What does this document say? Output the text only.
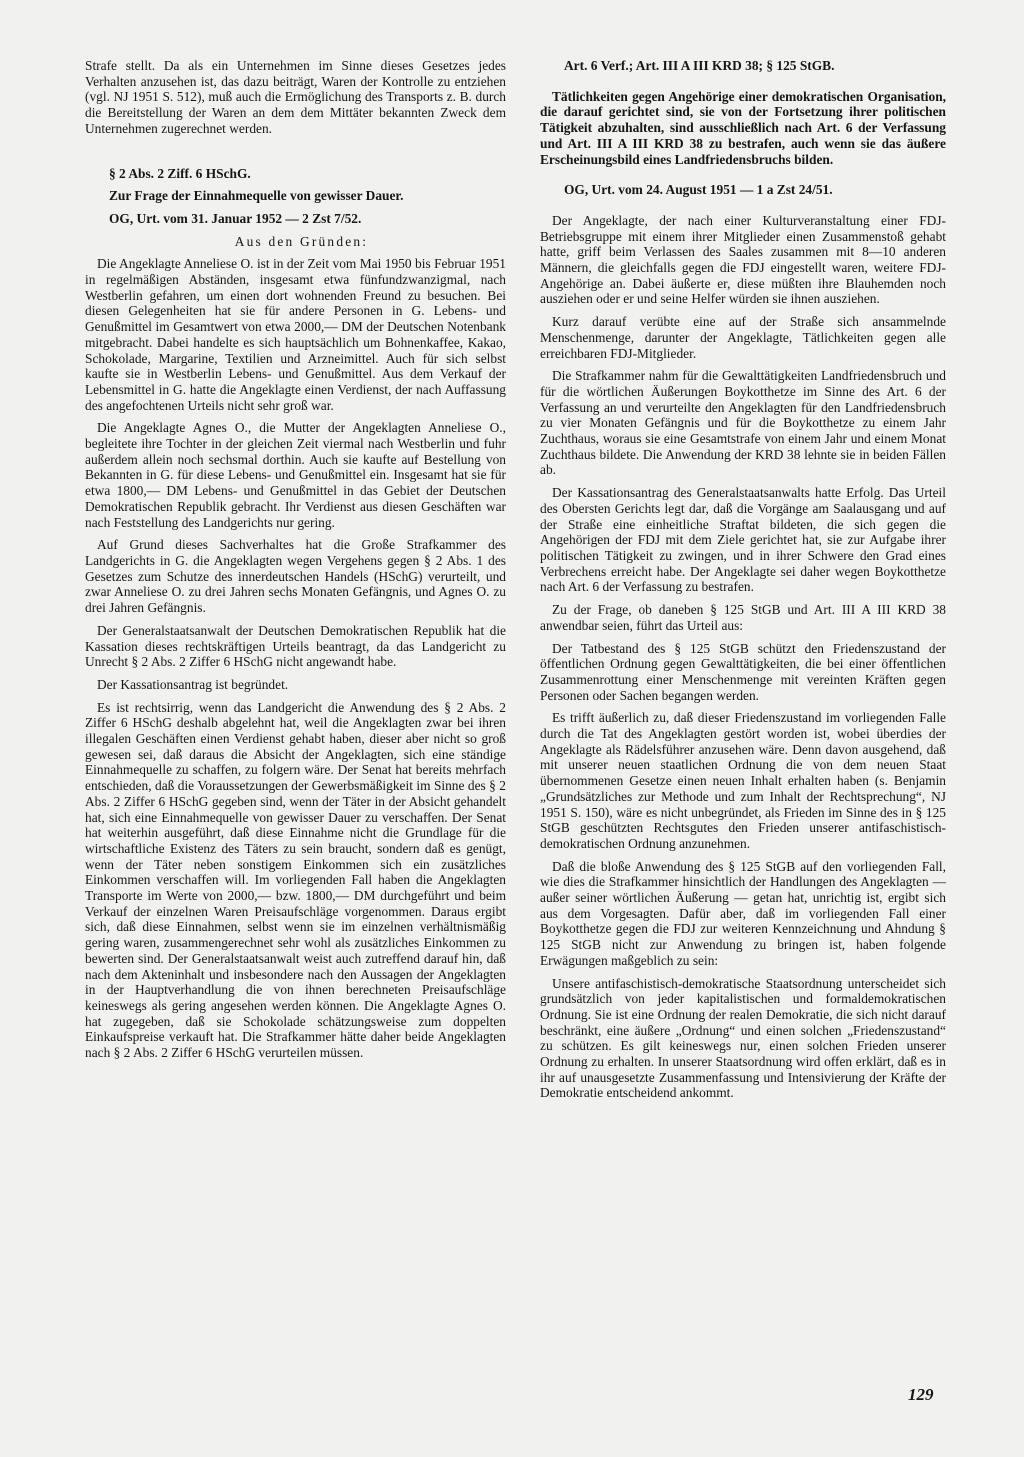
Strafe stellt. Da als ein Unternehmen im Sinne dieses Gesetzes jedes Verhalten anzusehen ist, das dazu beiträgt, Waren der Kontrolle zu entziehen (vgl. NJ 1951 S. 512), muß auch die Ermöglichung des Transports z. B. durch die Bereitstellung der Waren an dem dem Mittäter bekannten Zweck dem Unternehmen zugerechnet werden.

§ 2 Abs. 2 Ziff. 6 HSchG.

Zur Frage der Einnahmequelle von gewisser Dauer.

OG, Urt. vom 31. Januar 1952 — 2 Zst 7/52.

Aus den Gründen:

Die Angeklagte Anneliese O. ist in der Zeit vom Mai 1950 bis Februar 1951 in regelmäßigen Abständen, insgesamt etwa fünfundzwanzigmal, nach Westberlin gefahren, um einen dort wohnenden Freund zu besuchen. Bei diesen Gelegenheiten hat sie für andere Personen in G. Lebens- und Genußmittel im Gesamtwert von etwa 2000,— DM der Deutschen Notenbank mitgebracht. Dabei handelte es sich hauptsächlich um Bohnenkaffee, Kakao, Schokolade, Margarine, Textilien und Arzneimittel. Auch für sich selbst kaufte sie in Westberlin Lebens- und Genußmittel. Aus dem Verkauf der Lebensmittel in G. hatte die Angeklagte einen Verdienst, der nach Auffassung des angefochtenen Urteils nicht sehr groß war.

Die Angeklagte Agnes O., die Mutter der Angeklagten Anneliese O., begleitete ihre Tochter in der gleichen Zeit viermal nach Westberlin und fuhr außerdem allein noch sechsmal dorthin. Auch sie kaufte auf Bestellung von Bekannten in G. für diese Lebens- und Genußmittel ein. Insgesamt hat sie für etwa 1800,— DM Lebens- und Genußmittel in das Gebiet der Deutschen Demokratischen Republik gebracht. Ihr Verdienst aus diesen Geschäften war nach Feststellung des Landgerichts nur gering.

Auf Grund dieses Sachverhaltes hat die Große Strafkammer des Landgerichts in G. die Angeklagten wegen Vergehens gegen § 2 Abs. 1 des Gesetzes zum Schutze des innerdeutschen Handels (HSchG) verurteilt, und zwar Anneliese O. zu drei Jahren sechs Monaten Gefängnis, und Agnes O. zu drei Jahren Gefängnis.

Der Generalstaatsanwalt der Deutschen Demokratischen Republik hat die Kassation dieses rechtskräftigen Urteils beantragt, da das Landgericht zu Unrecht § 2 Abs. 2 Ziffer 6 HSchG nicht angewandt habe.

Der Kassationsantrag ist begründet.

Es ist rechtsirrig, wenn das Landgericht die Anwendung des § 2 Abs. 2 Ziffer 6 HSchG deshalb abgelehnt hat, weil die Angeklagten zwar bei ihren illegalen Geschäften einen Verdienst gehabt haben, dieser aber nicht so groß gewesen sei, daß daraus die Absicht der Angeklagten, sich eine ständige Einnahmequelle zu schaffen, zu folgern wäre. Der Senat hat bereits mehrfach entschieden, daß die Voraussetzungen der Gewerbsmäßigkeit im Sinne des § 2 Abs. 2 Ziffer 6 HSchG gegeben sind, wenn der Täter in der Absicht gehandelt hat, sich eine Einnahmequelle von gewisser Dauer zu verschaffen. Der Senat hat weiterhin ausgeführt, daß diese Einnahme nicht die Grundlage für die wirtschaftliche Existenz des Täters zu sein braucht, sondern daß es genügt, wenn der Täter neben sonstigem Einkommen sich ein zusätzliches Einkommen verschaffen will. Im vorliegenden Fall haben die Angeklagten Transporte im Werte von 2000,— bzw. 1800,— DM durchgeführt und beim Verkauf der einzelnen Waren Preisaufschläge vorgenommen. Daraus ergibt sich, daß diese Einnahmen, selbst wenn sie im einzelnen verhältnismäßig gering waren, zusammengerechnet sehr wohl als zusätzliches Einkommen zu bewerten sind. Der Generalstaatsanwalt weist auch zutreffend darauf hin, daß nach dem Akteninhalt und insbesondere nach den Aussagen der Angeklagten in der Hauptverhandlung die von ihnen berechneten Preisaufschläge keineswegs als gering angesehen werden können. Die Angeklagte Agnes O. hat zugegeben, daß sie Schokolade schätzungsweise zum doppelten Einkaufspreise verkauft hat. Die Strafkammer hätte daher beide Angeklagten nach § 2 Abs. 2 Ziffer 6 HSchG verurteilen müssen.

Art. 6 Verf.; Art. III A III KRD 38; § 125 StGB.

Tätlichkeiten gegen Angehörige einer demokratischen Organisation, die darauf gerichtet sind, sie von der Fortsetzung ihrer politischen Tätigkeit abzuhalten, sind ausschließlich nach Art. 6 der Verfassung und Art. III A III KRD 38 zu bestrafen, auch wenn sie das äußere Erscheinungsbild eines Landfriedensbruchs bilden.

OG, Urt. vom 24. August 1951 — 1 a Zst 24/51.

Der Angeklagte, der nach einer Kulturveranstaltung einer FDJ-Betriebsgruppe mit einem ihrer Mitglieder einen Zusammenstoß gehabt hatte, griff beim Verlassen des Saales zusammen mit 8—10 anderen Männern, die gleichfalls gegen die FDJ eingestellt waren, weitere FDJ-Angehörige an. Dabei äußerte er, diese müßten ihre Blauhemden noch ausziehen oder er und seine Helfer würden sie ihnen ausziehen.

Kurz darauf verübte eine auf der Straße sich ansammelnde Menschenmenge, darunter der Angeklagte, Tätlichkeiten gegen alle erreichbaren FDJ-Mitglieder.

Die Strafkammer nahm für die Gewalttätigkeiten Landfriedensbruch und für die wörtlichen Äußerungen Boykotthetze im Sinne des Art. 6 der Verfassung an und verurteilte den Angeklagten für den Landfriedensbruch zu vier Monaten Gefängnis und für die Boykotthetze zu einem Jahr Zuchthaus, woraus sie eine Gesamtstrafe von einem Jahr und einem Monat Zuchthaus bildete. Die Anwendung der KRD 38 lehnte sie in beiden Fällen ab.

Der Kassationsantrag des Generalstaatsanwalts hatte Erfolg. Das Urteil des Obersten Gerichts legt dar, daß die Vorgänge am Saalausgang und auf der Straße eine einheitliche Straftat bildeten, die sich gegen die Angehörigen der FDJ mit dem Ziele gerichtet hat, sie zur Aufgabe ihrer politischen Tätigkeit zu zwingen, und in ihrer Schwere den Grad eines Verbrechens erreicht habe. Der Angeklagte sei daher wegen Boykotthetze nach Art. 6 der Verfassung zu bestrafen.

Zu der Frage, ob daneben § 125 StGB und Art. III A III KRD 38 anwendbar seien, führt das Urteil aus:

Der Tatbestand des § 125 StGB schützt den Friedenszustand der öffentlichen Ordnung gegen Gewalttätigkeiten, die bei einer öffentlichen Zusammenrottung einer Menschenmenge mit vereinten Kräften gegen Personen oder Sachen begangen werden.

Es trifft äußerlich zu, daß dieser Friedenszustand im vorliegenden Falle durch die Tat des Angeklagten gestört worden ist, wobei überdies der Angeklagte als Rädelsführer anzusehen wäre. Denn davon ausgehend, daß mit unserer neuen staatlichen Ordnung die von dem neuen Staat übernommenen Gesetze einen neuen Inhalt erhalten haben (s. Benjamin „Grundsätzliches zur Methode und zum Inhalt der Rechtsprechung“, NJ 1951 S. 150), wäre es nicht unbegründet, als Frieden im Sinne des in § 125 StGB geschützten Rechtsgutes den Frieden unserer antifaschistisch-demokratischen Ordnung anzunehmen.

Daß die bloße Anwendung des § 125 StGB auf den vorliegenden Fall, wie dies die Strafkammer hinsichtlich der Handlungen des Angeklagten — außer seiner wörtlichen Äußerung — getan hat, unrichtig ist, ergibt sich aus dem Vorgesagten. Dafür aber, daß im vorliegenden Fall einer Boykotthetze gegen die FDJ zur weiteren Kennzeichnung und Ahndung § 125 StGB nicht zur Anwendung zu bringen ist, haben folgende Erwägungen maßgeblich zu sein:

Unsere antifaschistisch-demokratische Staatsordnung unterscheidet sich grundsätzlich von jeder kapitalistischen und formaldemokratischen Ordnung. Sie ist eine Ordnung der realen Demokratie, die sich nicht darauf beschränkt, eine äußere „Ordnung“ und einen solchen „Friedenszustand“ zu schützen. Es gilt keineswegs nur, einen solchen Frieden unserer Ordnung zu erhalten. In unserer Staatsordnung wird offen erklärt, daß es in ihr auf unausgesetzte Zusammenfassung und Intensivierung der Kräfte der Demokratie entscheidend ankommt.

129
